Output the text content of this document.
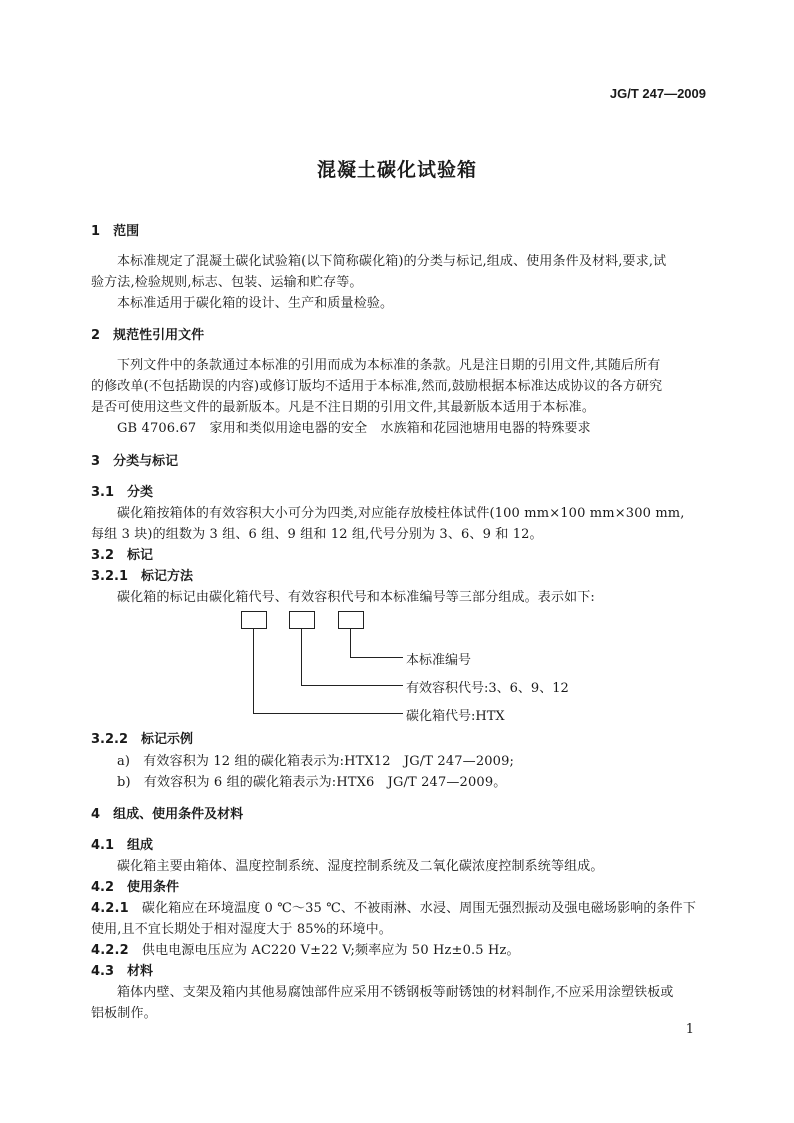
JG/T 247—2009
混凝土碳化试验箱
1　 范围
本标准规定了混凝土碳化试验箱(以下简称碳化箱)的分类与标记,组成、使用条件及材料,要求,试
验方法,检验规则,标志、包装、运输和贮存等。
本标准适用于碳化箱的设计、生产和质量检验。
2　 规范性引用文件
下列文件中的条款通过本标准的引用而成为本标准的条款。凡是注日期的引用文件,其随后所有
的修改单(不包括勘误的内容)或修订版均不适用于本标准,然而,鼓励根据本标准达成协议的各方研究
是否可使用这些文件的最新版本。凡是不注日期的引用文件,其最新版本适用于本标准。
GB 4706.67　家用和类似用途电器的安全　水族箱和花园池塘用电器的特殊要求
3　 分类与标记
3.1　 分类
碳化箱按箱体的有效容积大小可分为四类,对应能存放棱柱体试件(100 mm×100 mm×300 mm,
每组 3 块)的组数为 3 组、6 组、9 组和 12 组,代号分别为 3、6、9 和 12。
3.2　 标记
3.2.1　 标记方法
碳化箱的标记由碳化箱代号、有效容积代号和本标准编号等三部分组成。表示如下:
本标准编号
有效容积代号:3、6、9、12
碳化箱代号:HTX
3.2.2　 标记示例
a)　 有效容积为 12 组的碳化箱表示为:HTX12　JG/T 247—2009;
b)　 有效容积为 6 组的碳化箱表示为:HTX6　JG/T 247—2009。
4　 组成、使用条件及材料
4.1　 组成
碳化箱主要由箱体、温度控制系统、湿度控制系统及二氧化碳浓度控制系统等组成。
4.2　 使用条件
4.2.1　 碳化箱应在环境温度 0 ℃～35 ℃、不被雨淋、水浸、周围无强烈振动及强电磁场影响的条件下
使用,且不宜长期处于相对湿度大于 85%的环境中。
4.2.2　 供电电源电压应为 AC220 V±22 V;频率应为 50 Hz±0.5 Hz。
4.3　 材料
箱体内壁、支架及箱内其他易腐蚀部件应采用不锈钢板等耐锈蚀的材料制作,不应采用涂塑铁板或
铝板制作。
1
